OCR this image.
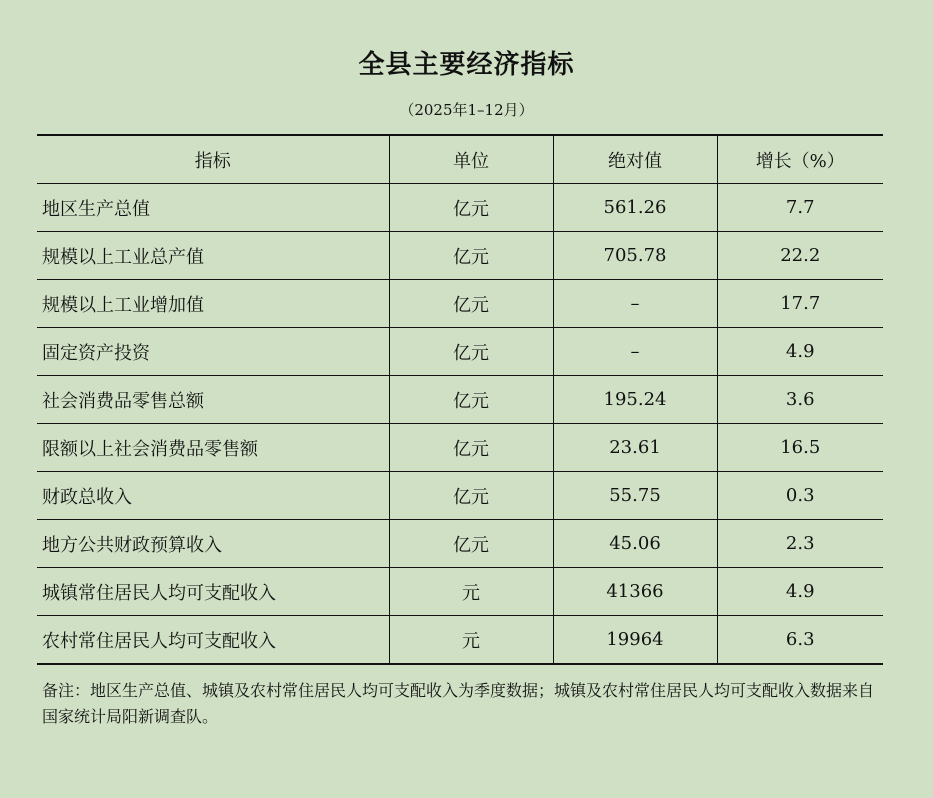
全县主要经济指标
（2025年1–12月）
指标	单位	绝对值	增长（%）
地区生产总值	亿元	561.26	7.7
规模以上工业总产值	亿元	705.78	22.2
规模以上工业增加值	亿元	–	17.7
固定资产投资	亿元	–	4.9
社会消费品零售总额	亿元	195.24	3.6
限额以上社会消费品零售额	亿元	23.61	16.5
财政总收入	亿元	55.75	0.3
地方公共财政预算收入	亿元	45.06	2.3
城镇常住居民人均可支配收入	元	41366	4.9
农村常住居民人均可支配收入	元	19964	6.3
备注：地区生产总值、城镇及农村常住居民人均可支配收入为季度数据；城镇及农村常住居民人均可支配收入数据来自国家统计局阳新调查队。
